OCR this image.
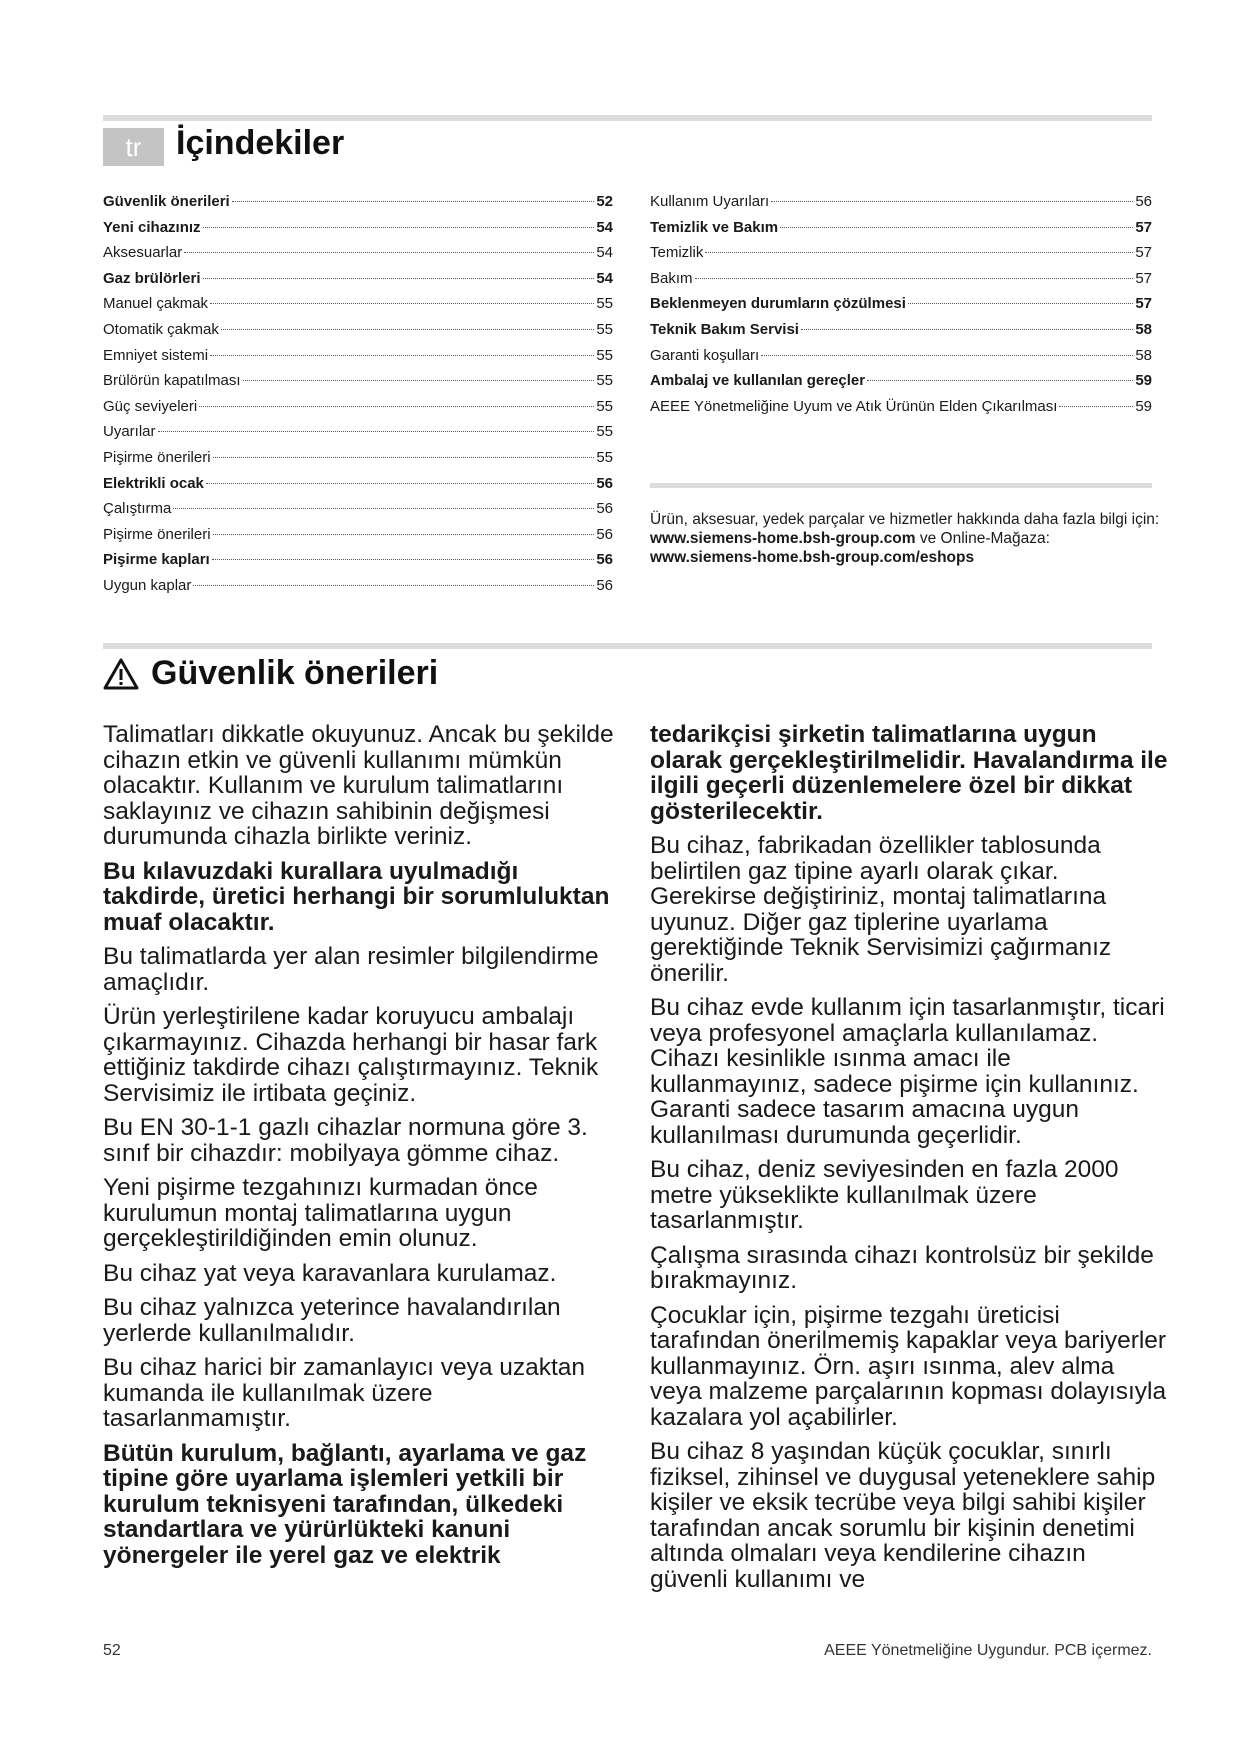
tr	İçindekiler
Güvenlik önerileri	52
Yeni cihazınız	54
Aksesuarlar	54
Gaz brülörleri	54
Manuel çakmak	55
Otomatik çakmak	55
Emniyet sistemi	55
Brülörün kapatılması	55
Güç seviyeleri	55
Uyarılar	55
Pişirme önerileri	55
Elektrikli ocak	56
Çalıştırma	56
Pişirme önerileri	56
Pişirme kapları	56
Uygun kaplar	56
Kullanım Uyarıları	56
Temizlik ve Bakım	57
Temizlik	57
Bakım	57
Beklenmeyen durumların çözülmesi	57
Teknik Bakım Servisi	58
Garanti koşulları	58
Ambalaj ve kullanılan gereçler	59
AEEE Yönetmeliğine Uyum ve Atık Ürünün Elden Çıkarılması	59
Ürün, aksesuar, yedek parçalar ve hizmetler hakkında daha fazla bilgi için: www.siemens-home.bsh-group.com ve Online-Mağaza: www.siemens-home.bsh-group.com/eshops
Güvenlik önerileri

Talimatları dikkatle okuyunuz. Ancak bu şekilde cihazın etkin ve güvenli kullanımı mümkün olacaktır. Kullanım ve kurulum talimatlarını saklayınız ve cihazın sahibinin değişmesi durumunda cihazla birlikte veriniz.

Bu kılavuzdaki kurallara uyulmadığı takdirde, üretici herhangi bir sorumluluktan muaf olacaktır.

Bu talimatlarda yer alan resimler bilgilendirme amaçlıdır.

Ürün yerleştirilene kadar koruyucu ambalajı çıkarmayınız. Cihazda herhangi bir hasar fark ettiğiniz takdirde cihazı çalıştırmayınız. Teknik Servisimiz ile irtibata geçiniz.

Bu EN 30-1-1 gazlı cihazlar normuna göre 3. sınıf bir cihazdır: mobilyaya gömme cihaz.

Yeni pişirme tezgahınızı kurmadan önce kurulumun montaj talimatlarına uygun gerçekleştirildiğinden emin olunuz.

Bu cihaz yat veya karavanlara kurulamaz.

Bu cihaz yalnızca yeterince havalandırılan yerlerde kullanılmalıdır.

Bu cihaz harici bir zamanlayıcı veya uzaktan kumanda ile kullanılmak üzere tasarlanmamıştır.

Bütün kurulum, bağlantı, ayarlama ve gaz tipine göre uyarlama işlemleri yetkili bir kurulum teknisyeni tarafından, ülkedeki standartlara ve yürürlükteki kanuni yönergeler ile yerel gaz ve elektrik

tedarikçisi şirketin talimatlarına uygun olarak gerçekleştirilmelidir. Havalandırma ile ilgili geçerli düzenlemelere özel bir dikkat gösterilecektir.

Bu cihaz, fabrikadan özellikler tablosunda belirtilen gaz tipine ayarlı olarak çıkar. Gerekirse değiştiriniz, montaj talimatlarına uyunuz. Diğer gaz tiplerine uyarlama gerektiğinde Teknik Servisimizi çağırmanız önerilir.

Bu cihaz evde kullanım için tasarlanmıştır, ticari veya profesyonel amaçlarla kullanılamaz. Cihazı kesinlikle ısınma amacı ile kullanmayınız, sadece pişirme için kullanınız. Garanti sadece tasarım amacına uygun kullanılması durumunda geçerlidir.

Bu cihaz, deniz seviyesinden en fazla 2000 metre yükseklikte kullanılmak üzere tasarlanmıştır.

Çalışma sırasında cihazı kontrolsüz bir şekilde bırakmayınız.

Çocuklar için, pişirme tezgahı üreticisi tarafından önerilmemiş kapaklar veya bariyerler kullanmayınız. Örn. aşırı ısınma, alev alma veya malzeme parçalarının kopması dolayısıyla kazalara yol açabilirler.

Bu cihaz 8 yaşından küçük çocuklar, sınırlı fiziksel, zihinsel ve duygusal yeteneklere sahip kişiler ve eksik tecrübe veya bilgi sahibi kişiler tarafından ancak sorumlu bir kişinin denetimi altında olmaları veya kendilerine cihazın güvenli kullanımı ve

52	AEEE Yönetmeliğine Uygundur. PCB içermez.
